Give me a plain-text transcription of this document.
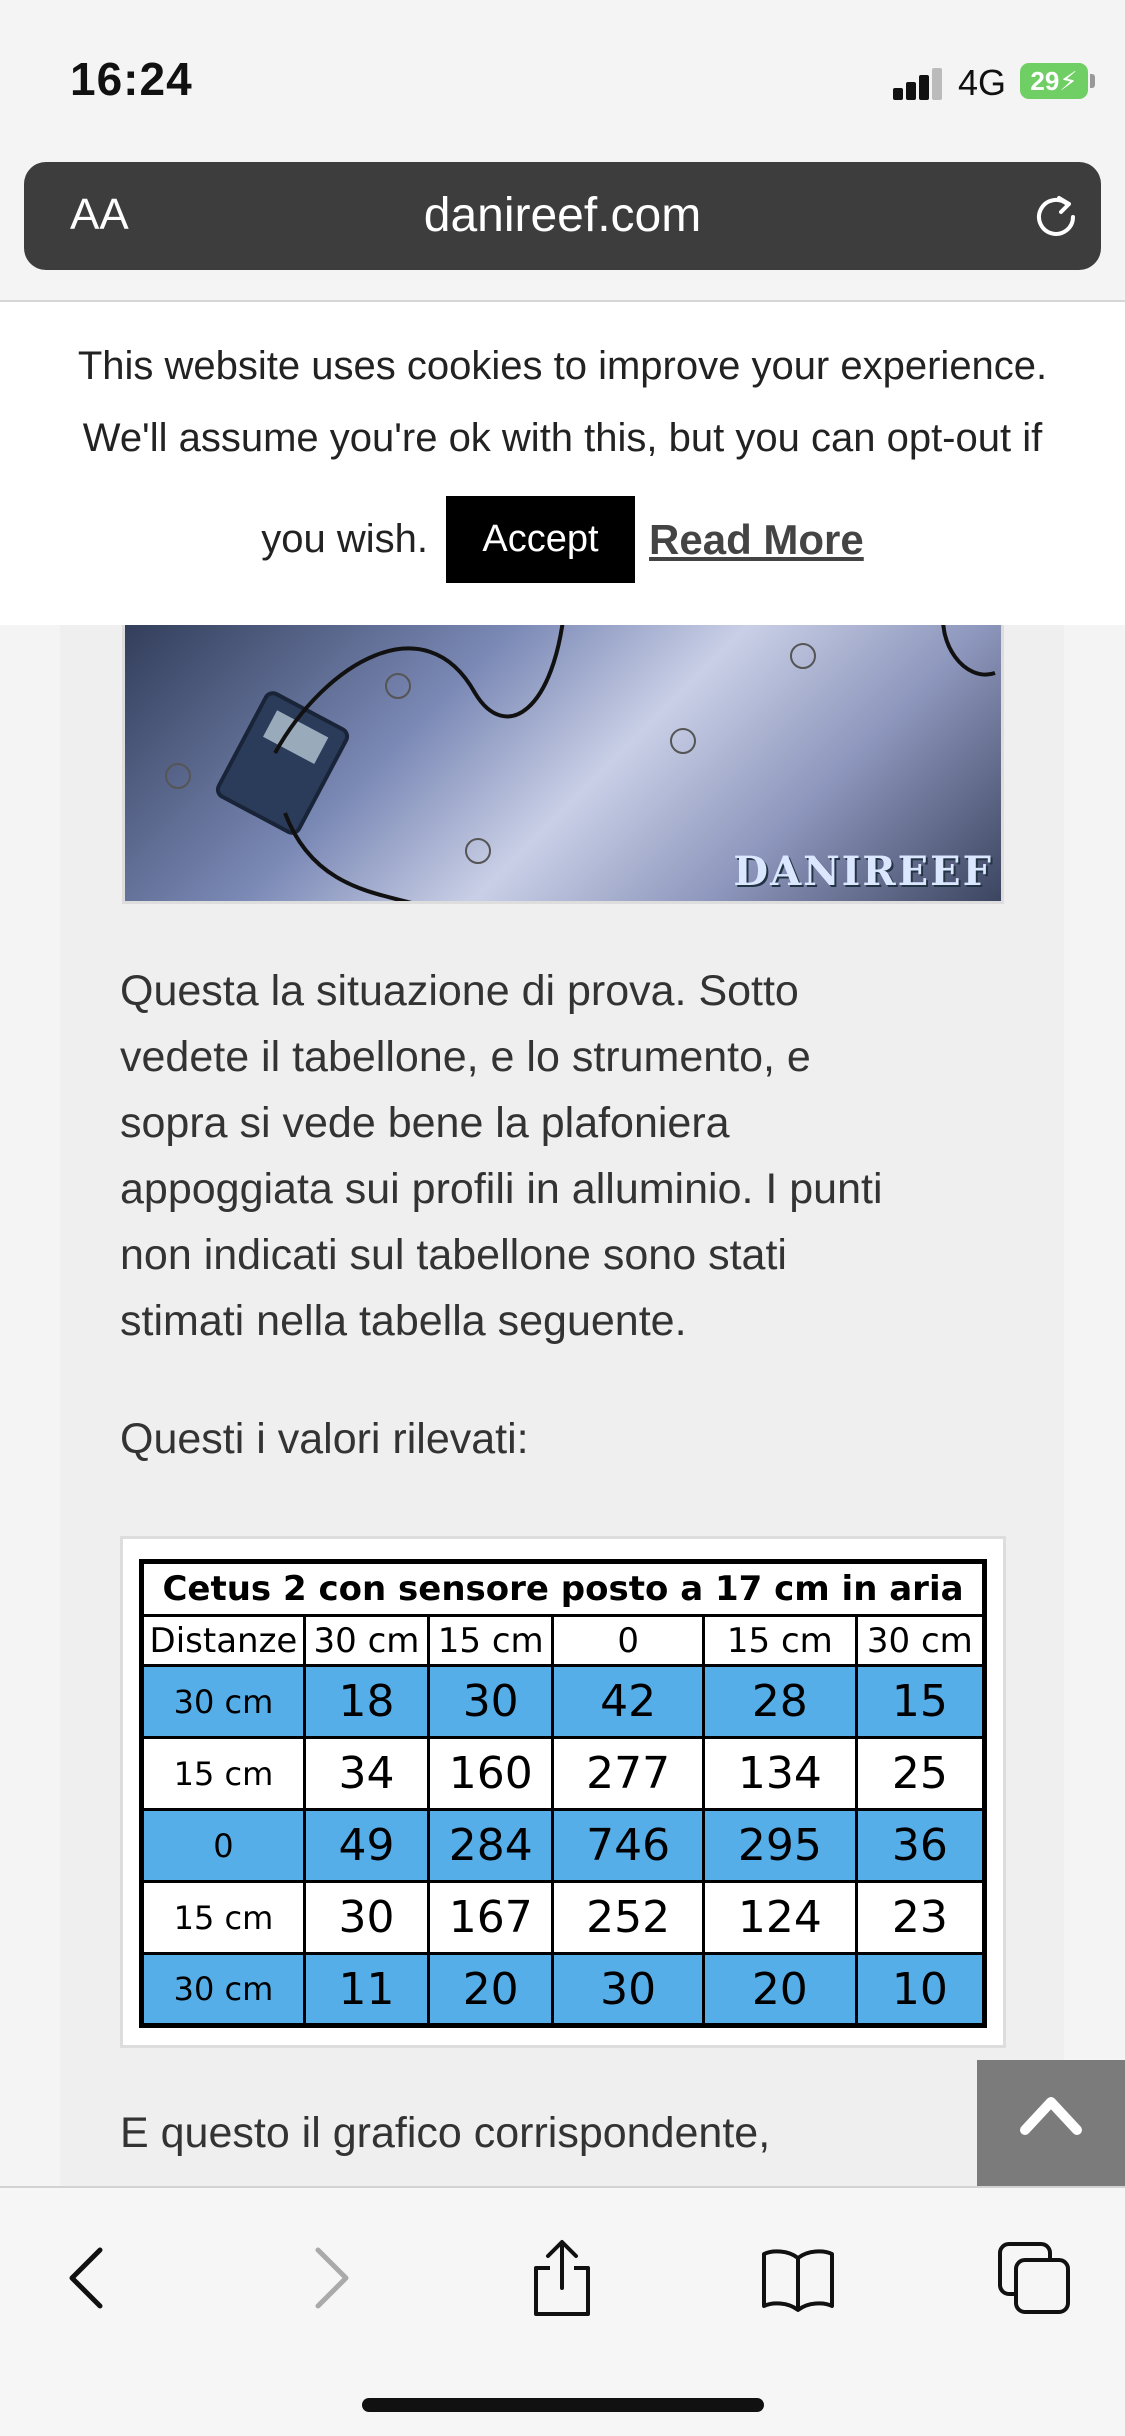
16:24	4G 29⚡
AA	danireef.com
This website uses cookies to improve your experience.
We'll assume you're ok with this, but you can opt-out if
you wish. Accept Read More
DANIREEF
Questa la situazione di prova. Sotto
vedete il tabellone, e lo strumento, e
sopra si vede bene la plafoniera
appoggiata sui profili in alluminio. I punti
non indicati sul tabellone sono stati
stimati nella tabella seguente.
Questi i valori rilevati:
Cetus 2 con sensore posto a 17 cm in aria					
Distanze	30 cm	15 cm	0	15 cm	30 cm
30 cm	18	30	42	28	15
15 cm	34	160	277	134	25
0	49	284	746	295	36
15 cm	30	167	252	124	23
30 cm	11	20	30	20	10
E questo il grafico corrispondente,
